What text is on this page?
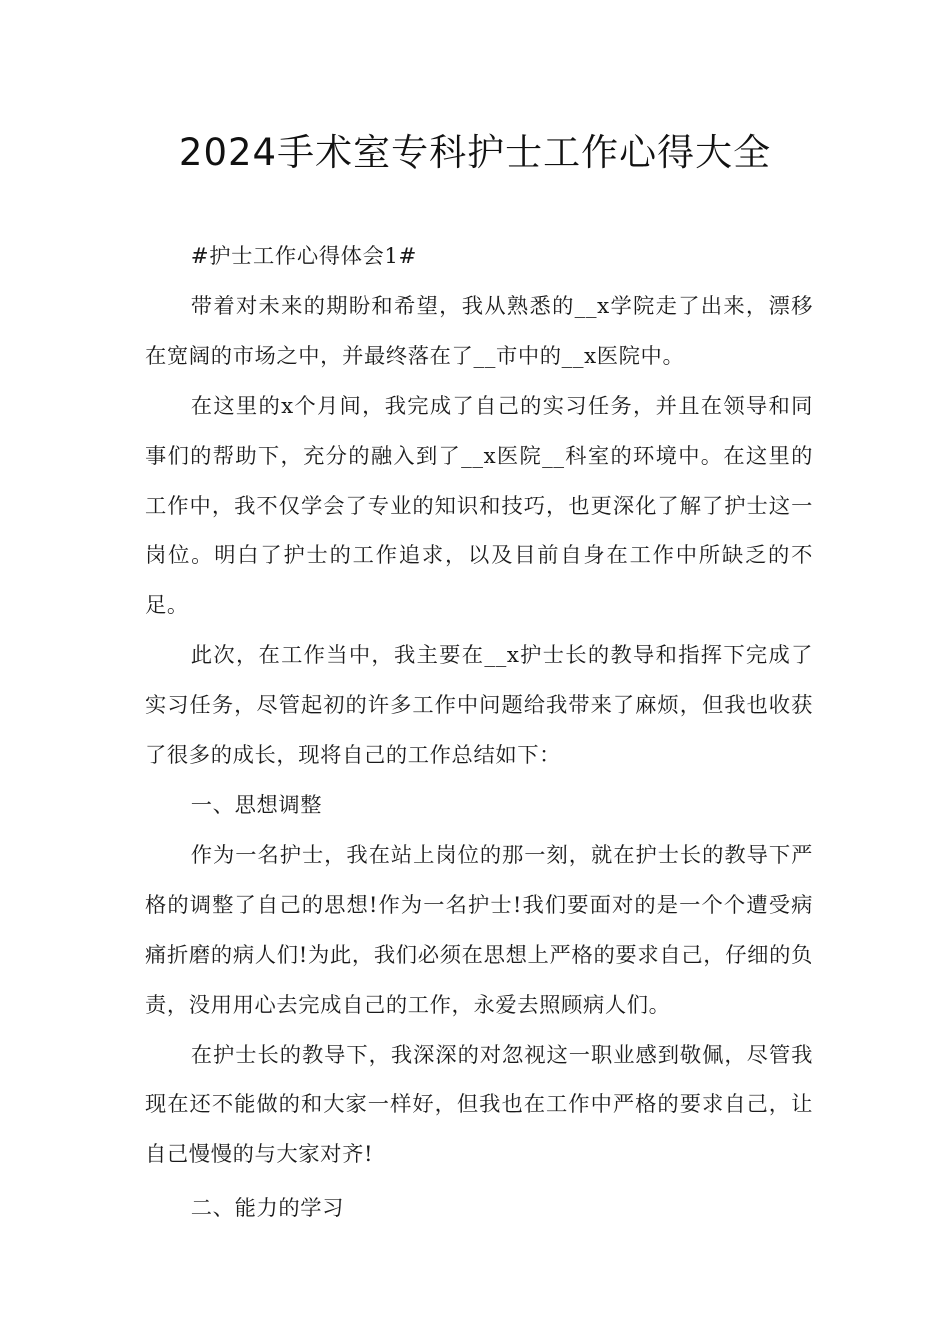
2024手术室专科护士工作心得大全

#护士工作心得体会1#

带着对未来的期盼和希望，我从熟悉的__x学院走了出来，漂移在宽阔的市场之中，并最终落在了__市中的__x医院中。

在这里的x个月间，我完成了自己的实习任务，并且在领导和同事们的帮助下，充分的融入到了__x医院__科室的环境中。在这里的工作中，我不仅学会了专业的知识和技巧，也更深化了解了护士这一岗位。明白了护士的工作追求，以及目前自身在工作中所缺乏的不足。

此次，在工作当中，我主要在__x护士长的教导和指挥下完成了实习任务，尽管起初的许多工作中问题给我带来了麻烦，但我也收获了很多的成长，现将自己的工作总结如下：

一、思想调整

作为一名护士，我在站上岗位的那一刻，就在护士长的教导下严格的调整了自己的思想!作为一名护士!我们要面对的是一个个遭受病痛折磨的病人们!为此，我们必须在思想上严格的要求自己，仔细的负责，没用用心去完成自己的工作，永爱去照顾病人们。

在护士长的教导下，我深深的对忽视这一职业感到敬佩，尽管我现在还不能做的和大家一样好，但我也在工作中严格的要求自己，让自己慢慢的与大家对齐!

二、能力的学习
